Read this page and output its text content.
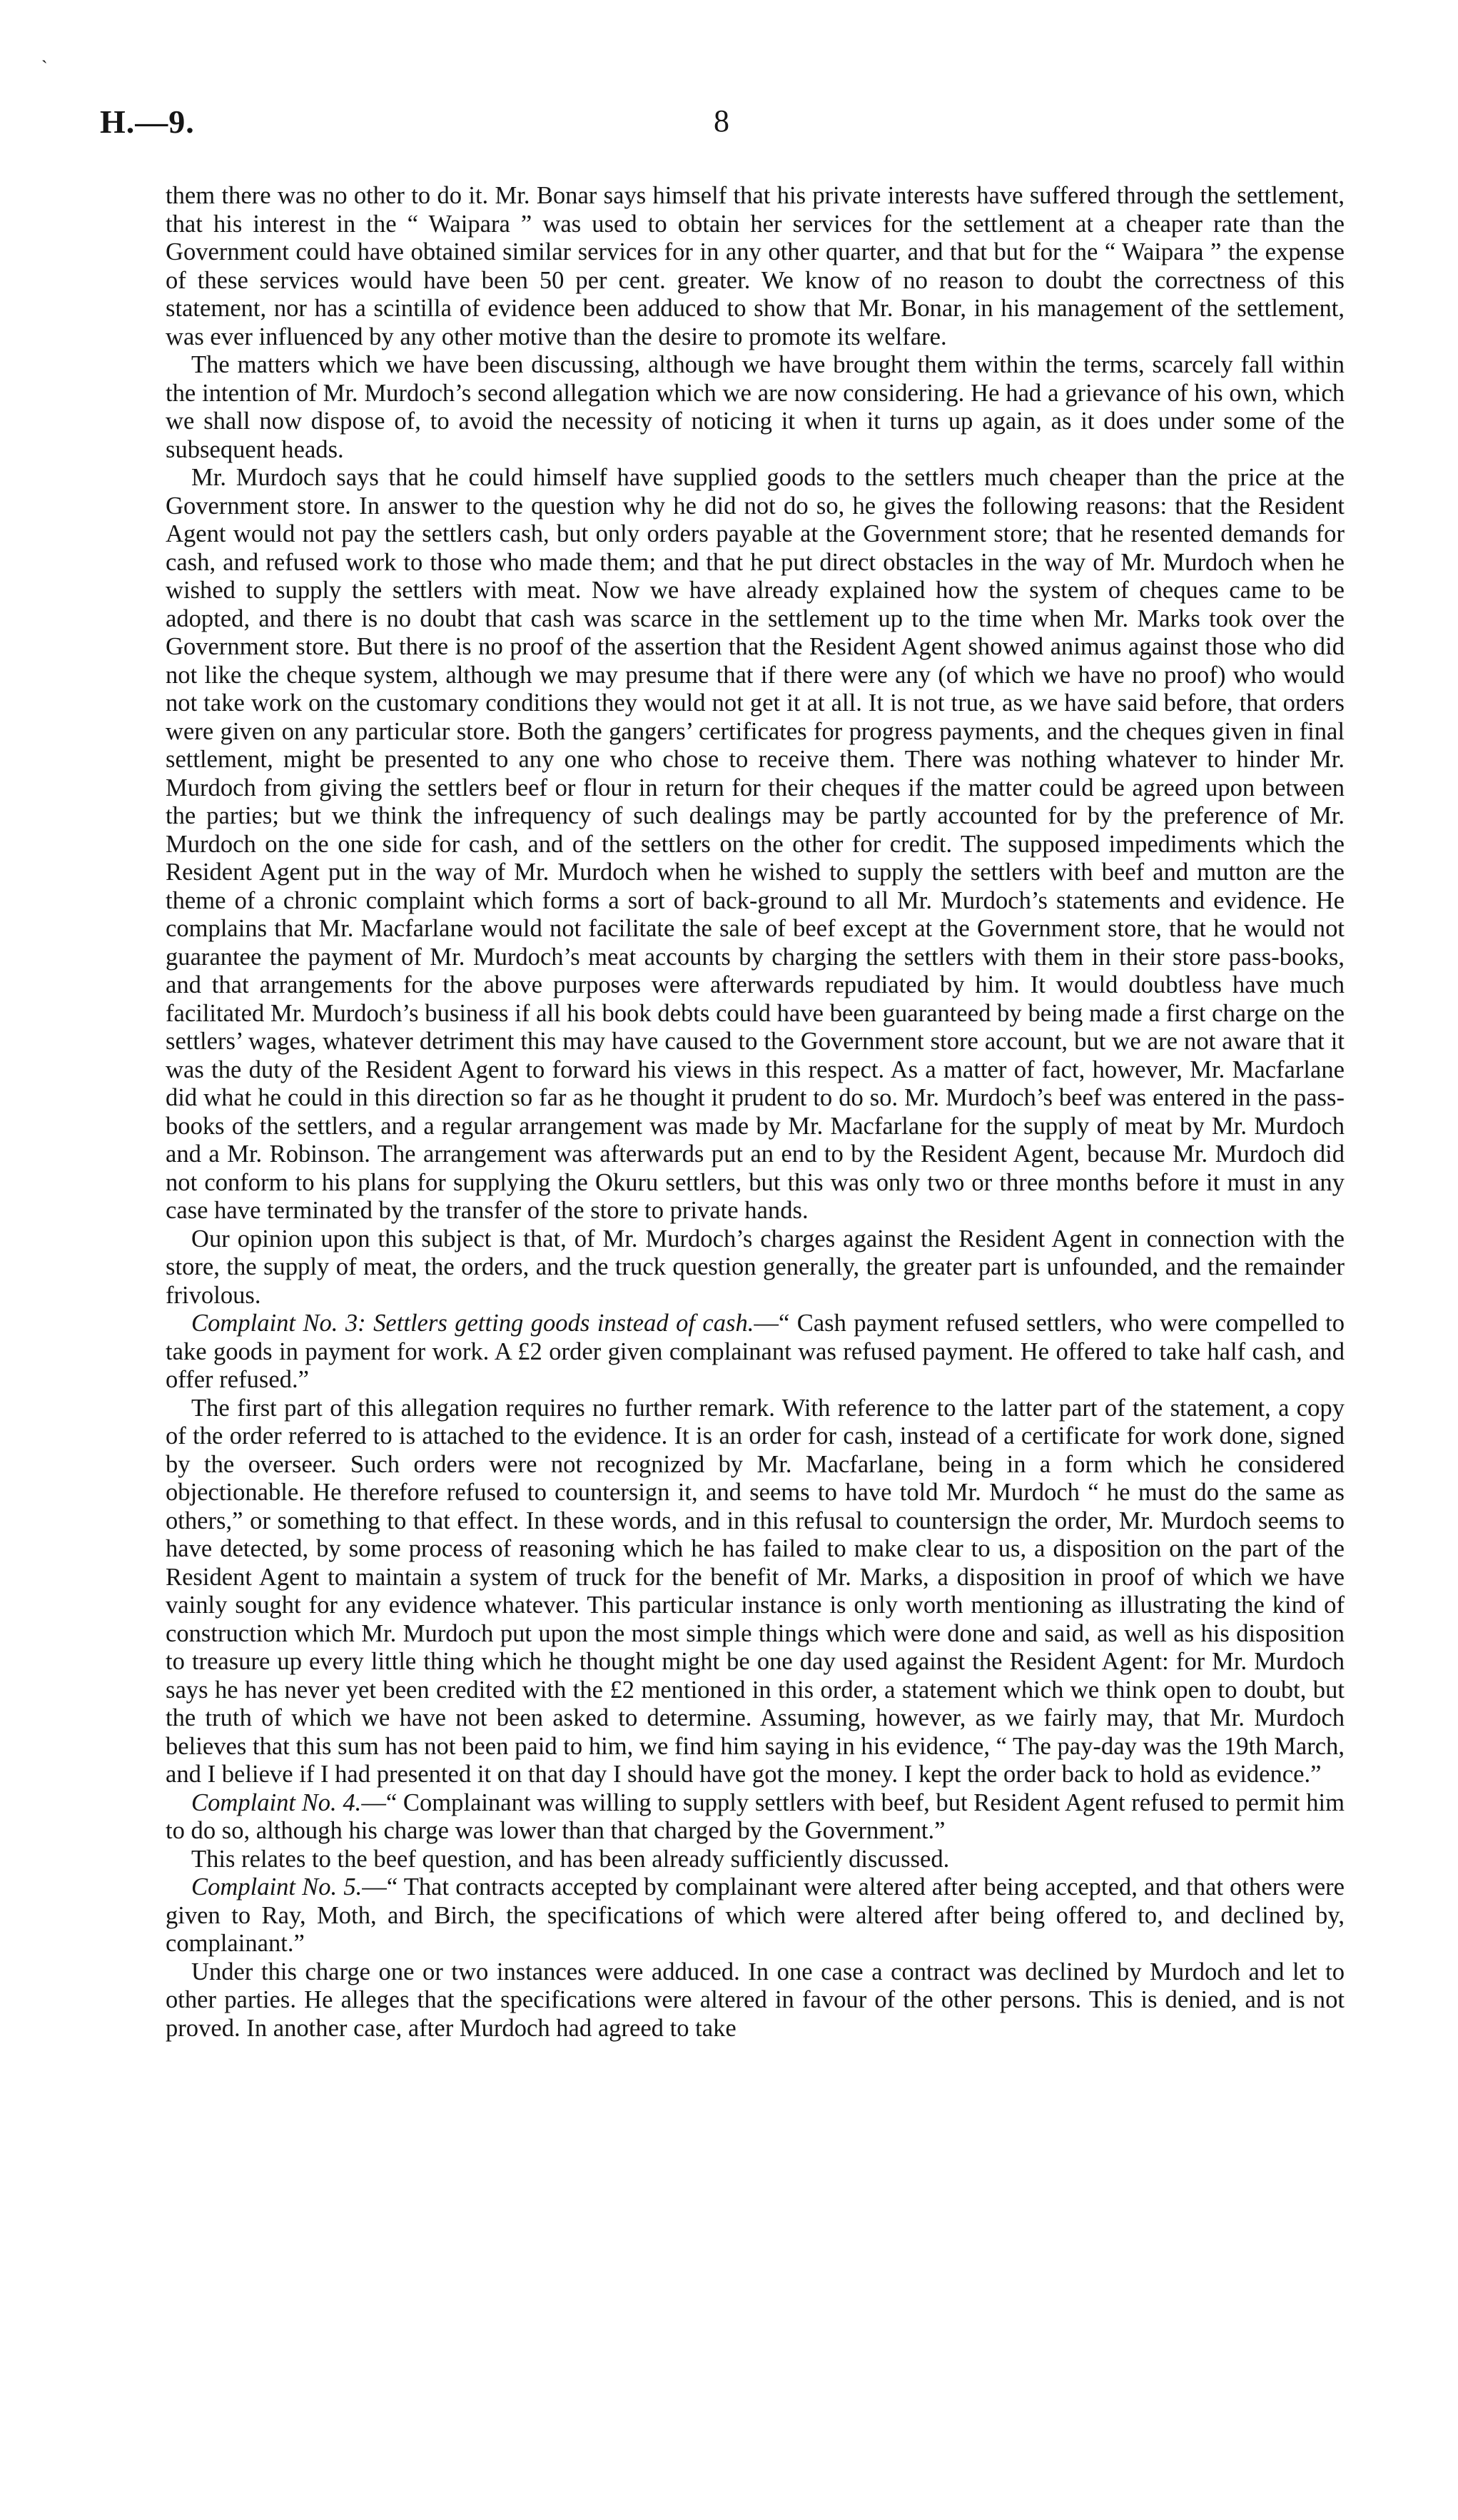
ˎ
H.—9.	8

them there was no other to do it. Mr. Bonar says himself that his private interests have suffered through the settlement, that his interest in the “ Waipara ” was used to obtain her services for the settlement at a cheaper rate than the Government could have obtained similar services for in any other quarter, and that but for the “ Waipara ” the expense of these services would have been 50 per cent. greater. We know of no reason to doubt the correctness of this statement, nor has a scintilla of evidence been adduced to show that Mr. Bonar, in his management of the settlement, was ever influenced by any other motive than the desire to promote its welfare.

The matters which we have been discussing, although we have brought them within the terms, scarcely fall within the intention of Mr. Murdoch’s second allegation which we are now considering. He had a grievance of his own, which we shall now dispose of, to avoid the necessity of noticing it when it turns up again, as it does under some of the subsequent heads.

Mr. Murdoch says that he could himself have supplied goods to the settlers much cheaper than the price at the Government store. In answer to the question why he did not do so, he gives the following reasons: that the Resident Agent would not pay the settlers cash, but only orders payable at the Government store; that he resented demands for cash, and refused work to those who made them; and that he put direct obstacles in the way of Mr. Murdoch when he wished to supply the settlers with meat. Now we have already explained how the system of cheques came to be adopted, and there is no doubt that cash was scarce in the settlement up to the time when Mr. Marks took over the Government store. But there is no proof of the assertion that the Resident Agent showed animus against those who did not like the cheque system, although we may presume that if there were any (of which we have no proof) who would not take work on the customary conditions they would not get it at all. It is not true, as we have said before, that orders were given on any particular store. Both the gangers’ certificates for progress payments, and the cheques given in final settlement, might be presented to any one who chose to receive them. There was nothing whatever to hinder Mr. Murdoch from giving the settlers beef or flour in return for their cheques if the matter could be agreed upon between the parties; but we think the infrequency of such dealings may be partly accounted for by the preference of Mr. Murdoch on the one side for cash, and of the settlers on the other for credit. The supposed impediments which the Resident Agent put in the way of Mr. Murdoch when he wished to supply the settlers with beef and mutton are the theme of a chronic complaint which forms a sort of back-ground to all Mr. Murdoch’s statements and evidence. He complains that Mr. Macfarlane would not facilitate the sale of beef except at the Government store, that he would not guarantee the payment of Mr. Murdoch’s meat accounts by charging the settlers with them in their store pass-books, and that arrangements for the above purposes were afterwards repudiated by him. It would doubtless have much facilitated Mr. Murdoch’s business if all his book debts could have been guaranteed by being made a first charge on the settlers’ wages, whatever detriment this may have caused to the Government store account, but we are not aware that it was the duty of the Resident Agent to forward his views in this respect. As a matter of fact, however, Mr. Macfarlane did what he could in this direction so far as he thought it prudent to do so. Mr. Murdoch’s beef was entered in the pass-books of the settlers, and a regular arrangement was made by Mr. Macfarlane for the supply of meat by Mr. Murdoch and a Mr. Robinson. The arrangement was afterwards put an end to by the Resident Agent, because Mr. Murdoch did not conform to his plans for supplying the Okuru settlers, but this was only two or three months before it must in any case have terminated by the transfer of the store to private hands.

Our opinion upon this subject is that, of Mr. Murdoch’s charges against the Resident Agent in connection with the store, the supply of meat, the orders, and the truck question generally, the greater part is unfounded, and the remainder frivolous.

Complaint No. 3: Settlers getting goods instead of cash.—“ Cash payment refused settlers, who were compelled to take goods in payment for work. A £2 order given complainant was refused payment. He offered to take half cash, and offer refused.”

The first part of this allegation requires no further remark. With reference to the latter part of the statement, a copy of the order referred to is attached to the evidence. It is an order for cash, instead of a certificate for work done, signed by the overseer. Such orders were not recognized by Mr. Macfarlane, being in a form which he considered objectionable. He therefore refused to countersign it, and seems to have told Mr. Murdoch “ he must do the same as others,” or something to that effect. In these words, and in this refusal to countersign the order, Mr. Murdoch seems to have detected, by some process of reasoning which he has failed to make clear to us, a disposition on the part of the Resident Agent to maintain a system of truck for the benefit of Mr. Marks, a disposition in proof of which we have vainly sought for any evidence whatever. This particular instance is only worth mentioning as illustrating the kind of construction which Mr. Murdoch put upon the most simple things which were done and said, as well as his disposition to treasure up every little thing which he thought might be one day used against the Resident Agent: for Mr. Murdoch says he has never yet been credited with the £2 mentioned in this order, a statement which we think open to doubt, but the truth of which we have not been asked to determine. Assuming, however, as we fairly may, that Mr. Murdoch believes that this sum has not been paid to him, we find him saying in his evidence, “ The pay-day was the 19th March, and I believe if I had presented it on that day I should have got the money. I kept the order back to hold as evidence.”

Complaint No. 4.—“ Complainant was willing to supply settlers with beef, but Resident Agent refused to permit him to do so, although his charge was lower than that charged by the Government.”

This relates to the beef question, and has been already sufficiently discussed.

Complaint No. 5.—“ That contracts accepted by complainant were altered after being accepted, and that others were given to Ray, Moth, and Birch, the specifications of which were altered after being offered to, and declined by, complainant.”

Under this charge one or two instances were adduced. In one case a contract was declined by Murdoch and let to other parties. He alleges that the specifications were altered in favour of the other persons. This is denied, and is not proved. In another case, after Murdoch had agreed to take
